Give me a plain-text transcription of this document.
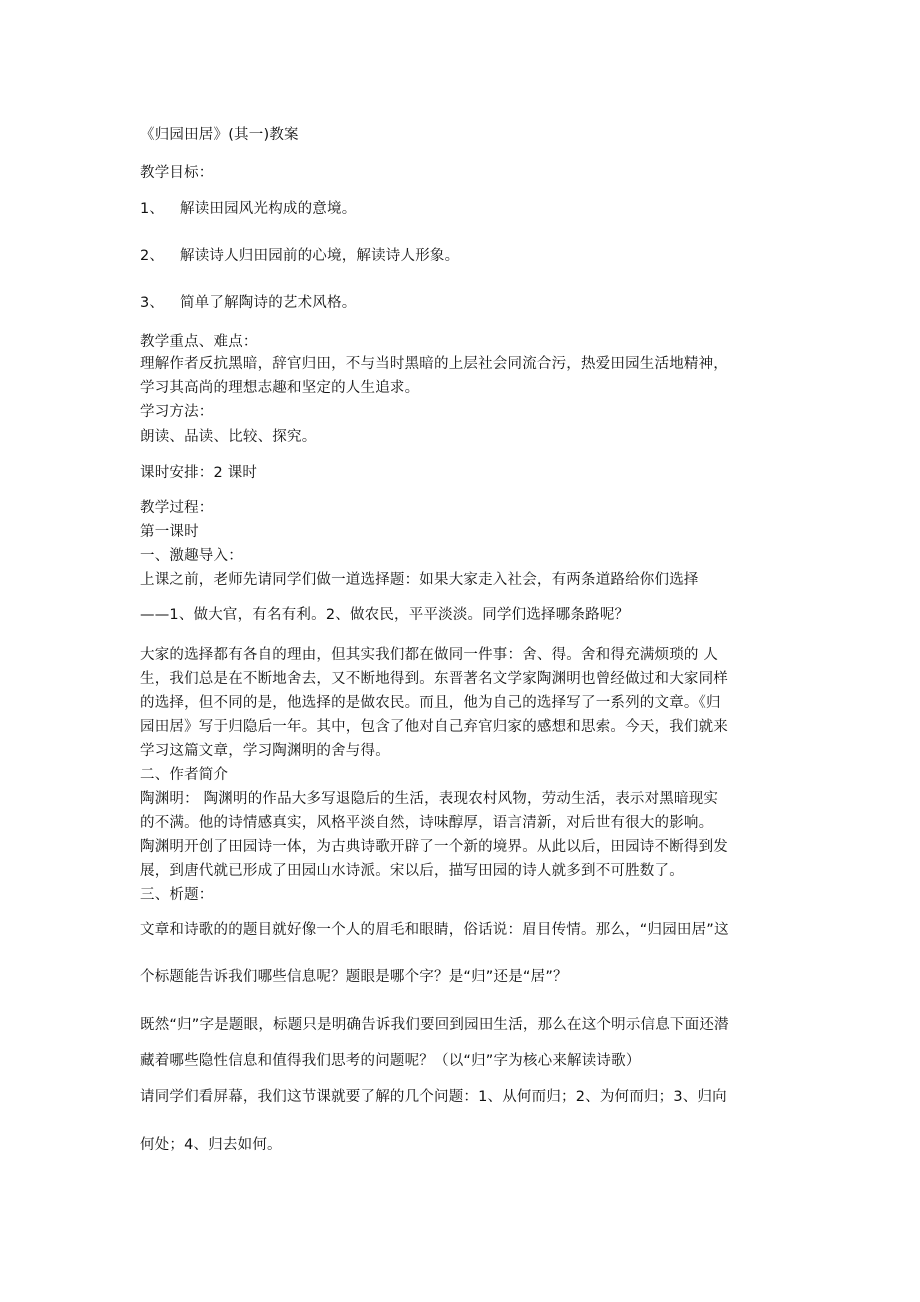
《归园田居》(其一)教案
教学目标：
1、 解读田园风光构成的意境。
2、 解读诗人归田园前的心境，解读诗人形象。
3、 简单了解陶诗的艺术风格。
教学重点、难点：
理解作者反抗黑暗，辞官归田，不与当时黑暗的上层社会同流合污，热爱田园生活地精神，
学习其高尚的理想志趣和坚定的人生追求。
学习方法：
朗读、品读、比较、探究。
课时安排：2 课时
教学过程：
第一课时
一、激趣导入：
上课之前，老师先请同学们做一道选择题：如果大家走入社会，有两条道路给你们选择
——1、做大官，有名有利。2、做农民，平平淡淡。同学们选择哪条路呢？
大家的选择都有各自的理由，但其实我们都在做同一件事：舍、得。舍和得充满烦琐的 人
生，我们总是在不断地舍去，又不断地得到。东晋著名文学家陶渊明也曾经做过和大家同样
的选择，但不同的是，他选择的是做农民。而且，他为自己的选择写了一系列的文章。《归
园田居》写于归隐后一年。其中，包含了他对自己弃官归家的感想和思索。今天，我们就来
学习这篇文章，学习陶渊明的舍与得。
二、作者简介
陶渊明： 陶渊明的作品大多写退隐后的生活，表现农村风物，劳动生活，表示对黑暗现实
的不满。他的诗情感真实，风格平淡自然，诗味醇厚，语言清新，对后世有很大的影响。
陶渊明开创了田园诗一体，为古典诗歌开辟了一个新的境界。从此以后，田园诗不断得到发
展，到唐代就已形成了田园山水诗派。宋以后，描写田园的诗人就多到不可胜数了。
三、析题：
文章和诗歌的的题目就好像一个人的眉毛和眼睛，俗话说：眉目传情。那么，“归园田居”这
个标题能告诉我们哪些信息呢？题眼是哪个字？是“归”还是“居”？
既然“归”字是题眼，标题只是明确告诉我们要回到园田生活，那么在这个明示信息下面还潜
藏着哪些隐性信息和值得我们思考的问题呢？（以“归”字为核心来解读诗歌）
请同学们看屏幕，我们这节课就要了解的几个问题：1、从何而归；2、为何而归；3、归向
何处；4、归去如何。
